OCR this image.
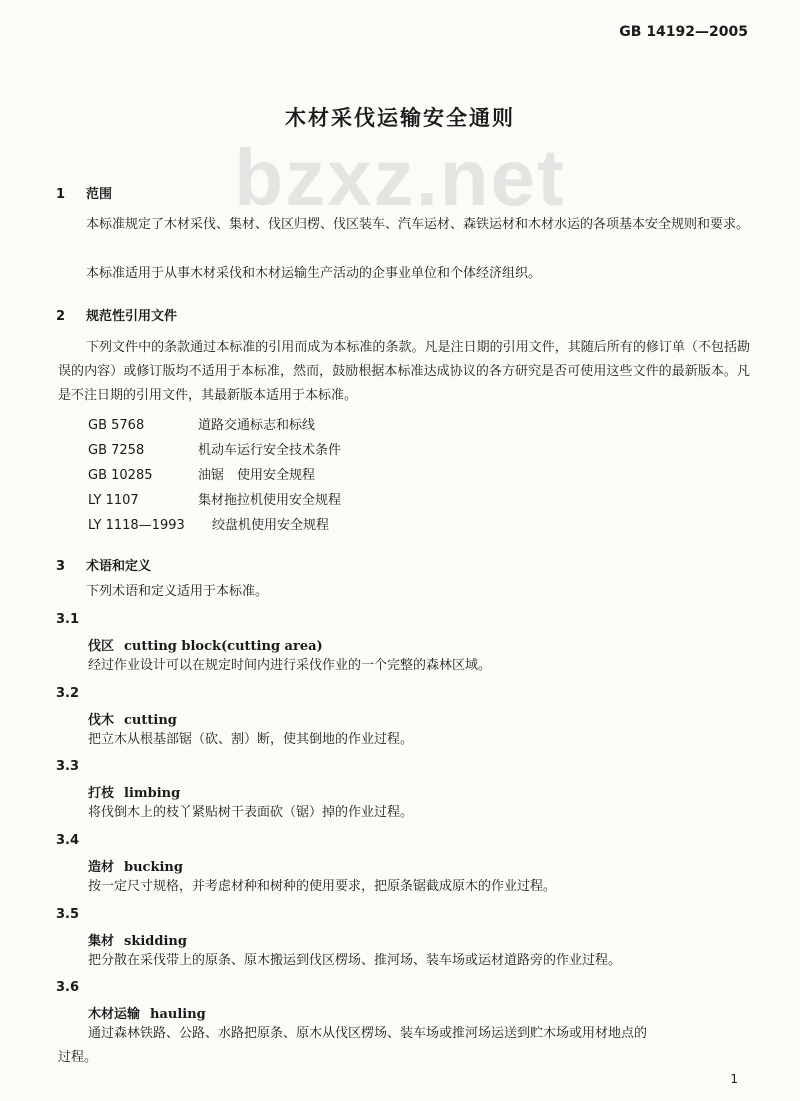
GB 14192—2005
木材采伐运输安全通则
bzxz.net
1 范围
本标准规定了木材采伐、集材、伐区归楞、伐区装车、汽车运材、森铁运材和木材水运的各项基本安全规则和要求。
本标准适用于从事木材采伐和木材运输生产活动的企事业单位和个体经济组织。
2 规范性引用文件
下列文件中的条款通过本标准的引用而成为本标准的条款。凡是注日期的引用文件，其随后所有的修订单（不包括勘误的内容）或修订版均不适用于本标准，然而，鼓励根据本标准达成协议的各方研究是否可使用这些文件的最新版本。凡是不注日期的引用文件，其最新版本适用于本标准。
GB 5768	道路交通标志和标线
GB 7258	机动车运行安全技术条件
GB 10285	油锯　使用安全规程
LY 1107	集材拖拉机使用安全规程
LY 1118—1993 绞盘机使用安全规程
3 术语和定义
下列术语和定义适用于本标准。
3.1
伐区 cutting block(cutting area)
经过作业设计可以在规定时间内进行采伐作业的一个完整的森林区域。
3.2
伐木 cutting
把立木从根基部锯（砍、割）断，使其倒地的作业过程。
3.3
打枝 limbing
将伐倒木上的枝丫紧贴树干表面砍（锯）掉的作业过程。
3.4
造材 bucking
按一定尺寸规格，并考虑材种和树种的使用要求，把原条锯截成原木的作业过程。
3.5
集材 skidding
把分散在采伐带上的原条、原木搬运到伐区楞场、推河场、装车场或运材道路旁的作业过程。
3.6
木材运输 hauling
通过森林铁路、公路、水路把原条、原木从伐区楞场、装车场或推河场运送到贮木场或用材地点的
过程。
1
